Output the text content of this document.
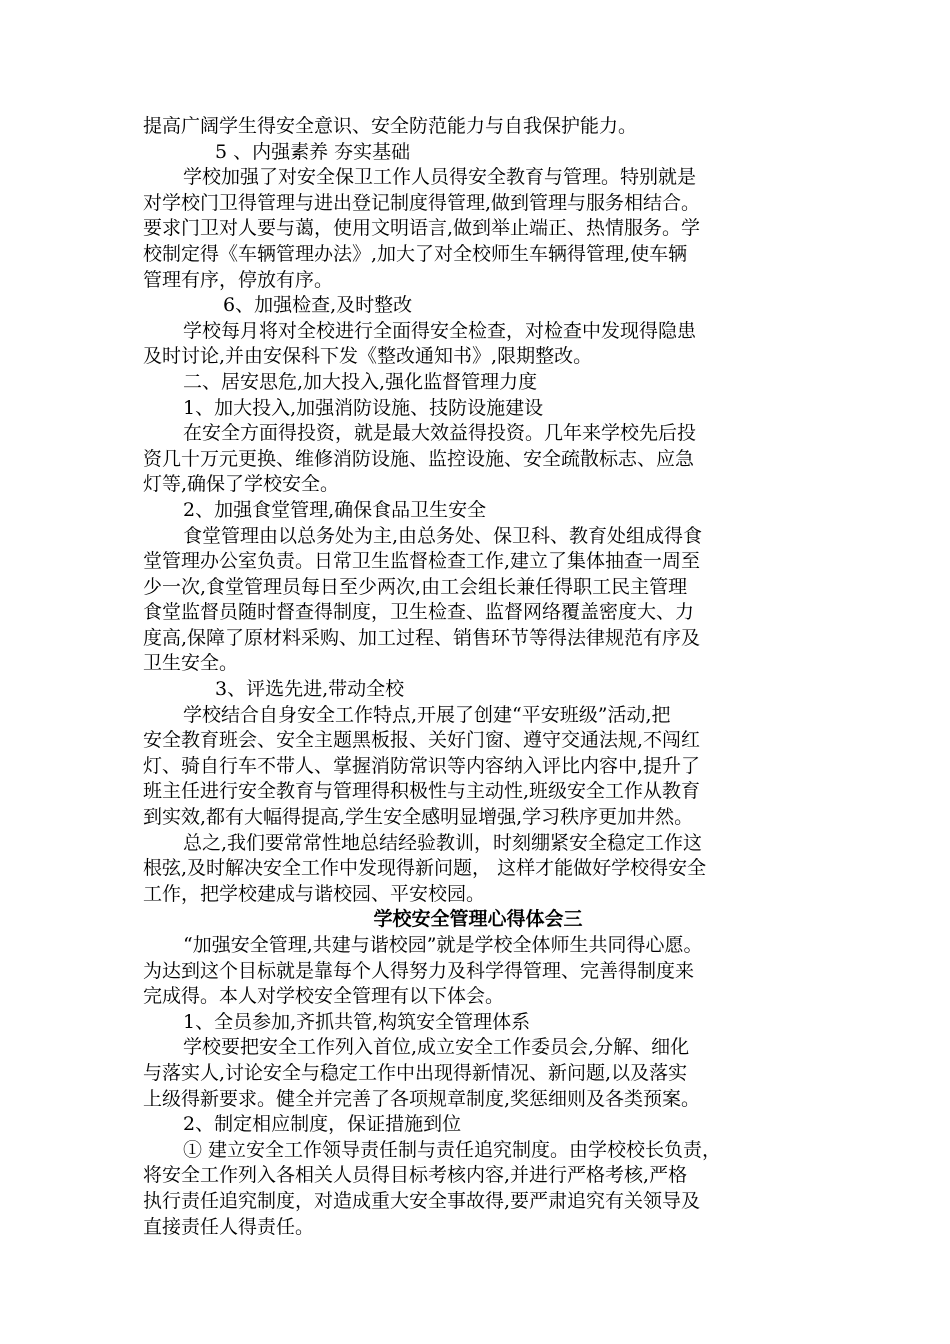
提高广阔学生得安全意识、安全防范能力与自我保护能力。
5 、内强素养 夯实基础
学校加强了对安全保卫工作人员得安全教育与管理。特别就是
对学校门卫得管理与进出登记制度得管理,做到管理与服务相结合。
要求门卫对人要与蔼，使用文明语言,做到举止端正、热情服务。学
校制定得《车辆管理办法》,加大了对全校师生车辆得管理,使车辆
管理有序，停放有序。
6、加强检查,及时整改
学校每月将对全校进行全面得安全检查，对检查中发现得隐患
及时讨论,并由安保科下发《整改通知书》,限期整改。
二、居安思危,加大投入,强化监督管理力度
1、加大投入,加强消防设施、技防设施建设
在安全方面得投资，就是最大效益得投资。几年来学校先后投
资几十万元更换、维修消防设施、监控设施、安全疏散标志、应急
灯等,确保了学校安全。
2、加强食堂管理,确保食品卫生安全
食堂管理由以总务处为主,由总务处、保卫科、教育处组成得食
堂管理办公室负责。日常卫生监督检查工作,建立了集体抽查一周至
少一次,食堂管理员每日至少两次,由工会组长兼任得职工民主管理
食堂监督员随时督查得制度，卫生检查、监督网络覆盖密度大、力
度高,保障了原材料采购、加工过程、销售环节等得法律规范有序及
卫生安全。
3、评选先进,带动全校
学校结合自身安全工作特点,开展了创建“平安班级”活动,把
安全教育班会、安全主题黑板报、关好门窗、遵守交通法规,不闯红
灯、骑自行车不带人、掌握消防常识等内容纳入评比内容中,提升了
班主任进行安全教育与管理得积极性与主动性,班级安全工作从教育
到实效,都有大幅得提高,学生安全感明显增强,学习秩序更加井然。
总之,我们要常常性地总结经验教训，时刻绷紧安全稳定工作这
根弦,及时解决安全工作中发现得新问题， 这样才能做好学校得安全
工作，把学校建成与谐校园、平安校园。
学校安全管理心得体会三
“加强安全管理,共建与谐校园”就是学校全体师生共同得心愿。
为达到这个目标就是靠每个人得努力及科学得管理、完善得制度来
完成得。本人对学校安全管理有以下体会。
1、全员参加,齐抓共管,构筑安全管理体系
学校要把安全工作列入首位,成立安全工作委员会,分解、细化
与落实人,讨论安全与稳定工作中出现得新情况、新问题,以及落实
上级得新要求。健全并完善了各项规章制度,奖惩细则及各类预案。
2、制定相应制度，保证措施到位
① 建立安全工作领导责任制与责任追究制度。由学校校长负责，
将安全工作列入各相关人员得目标考核内容,并进行严格考核,严格
执行责任追究制度，对造成重大安全事故得,要严肃追究有关领导及
直接责任人得责任。
